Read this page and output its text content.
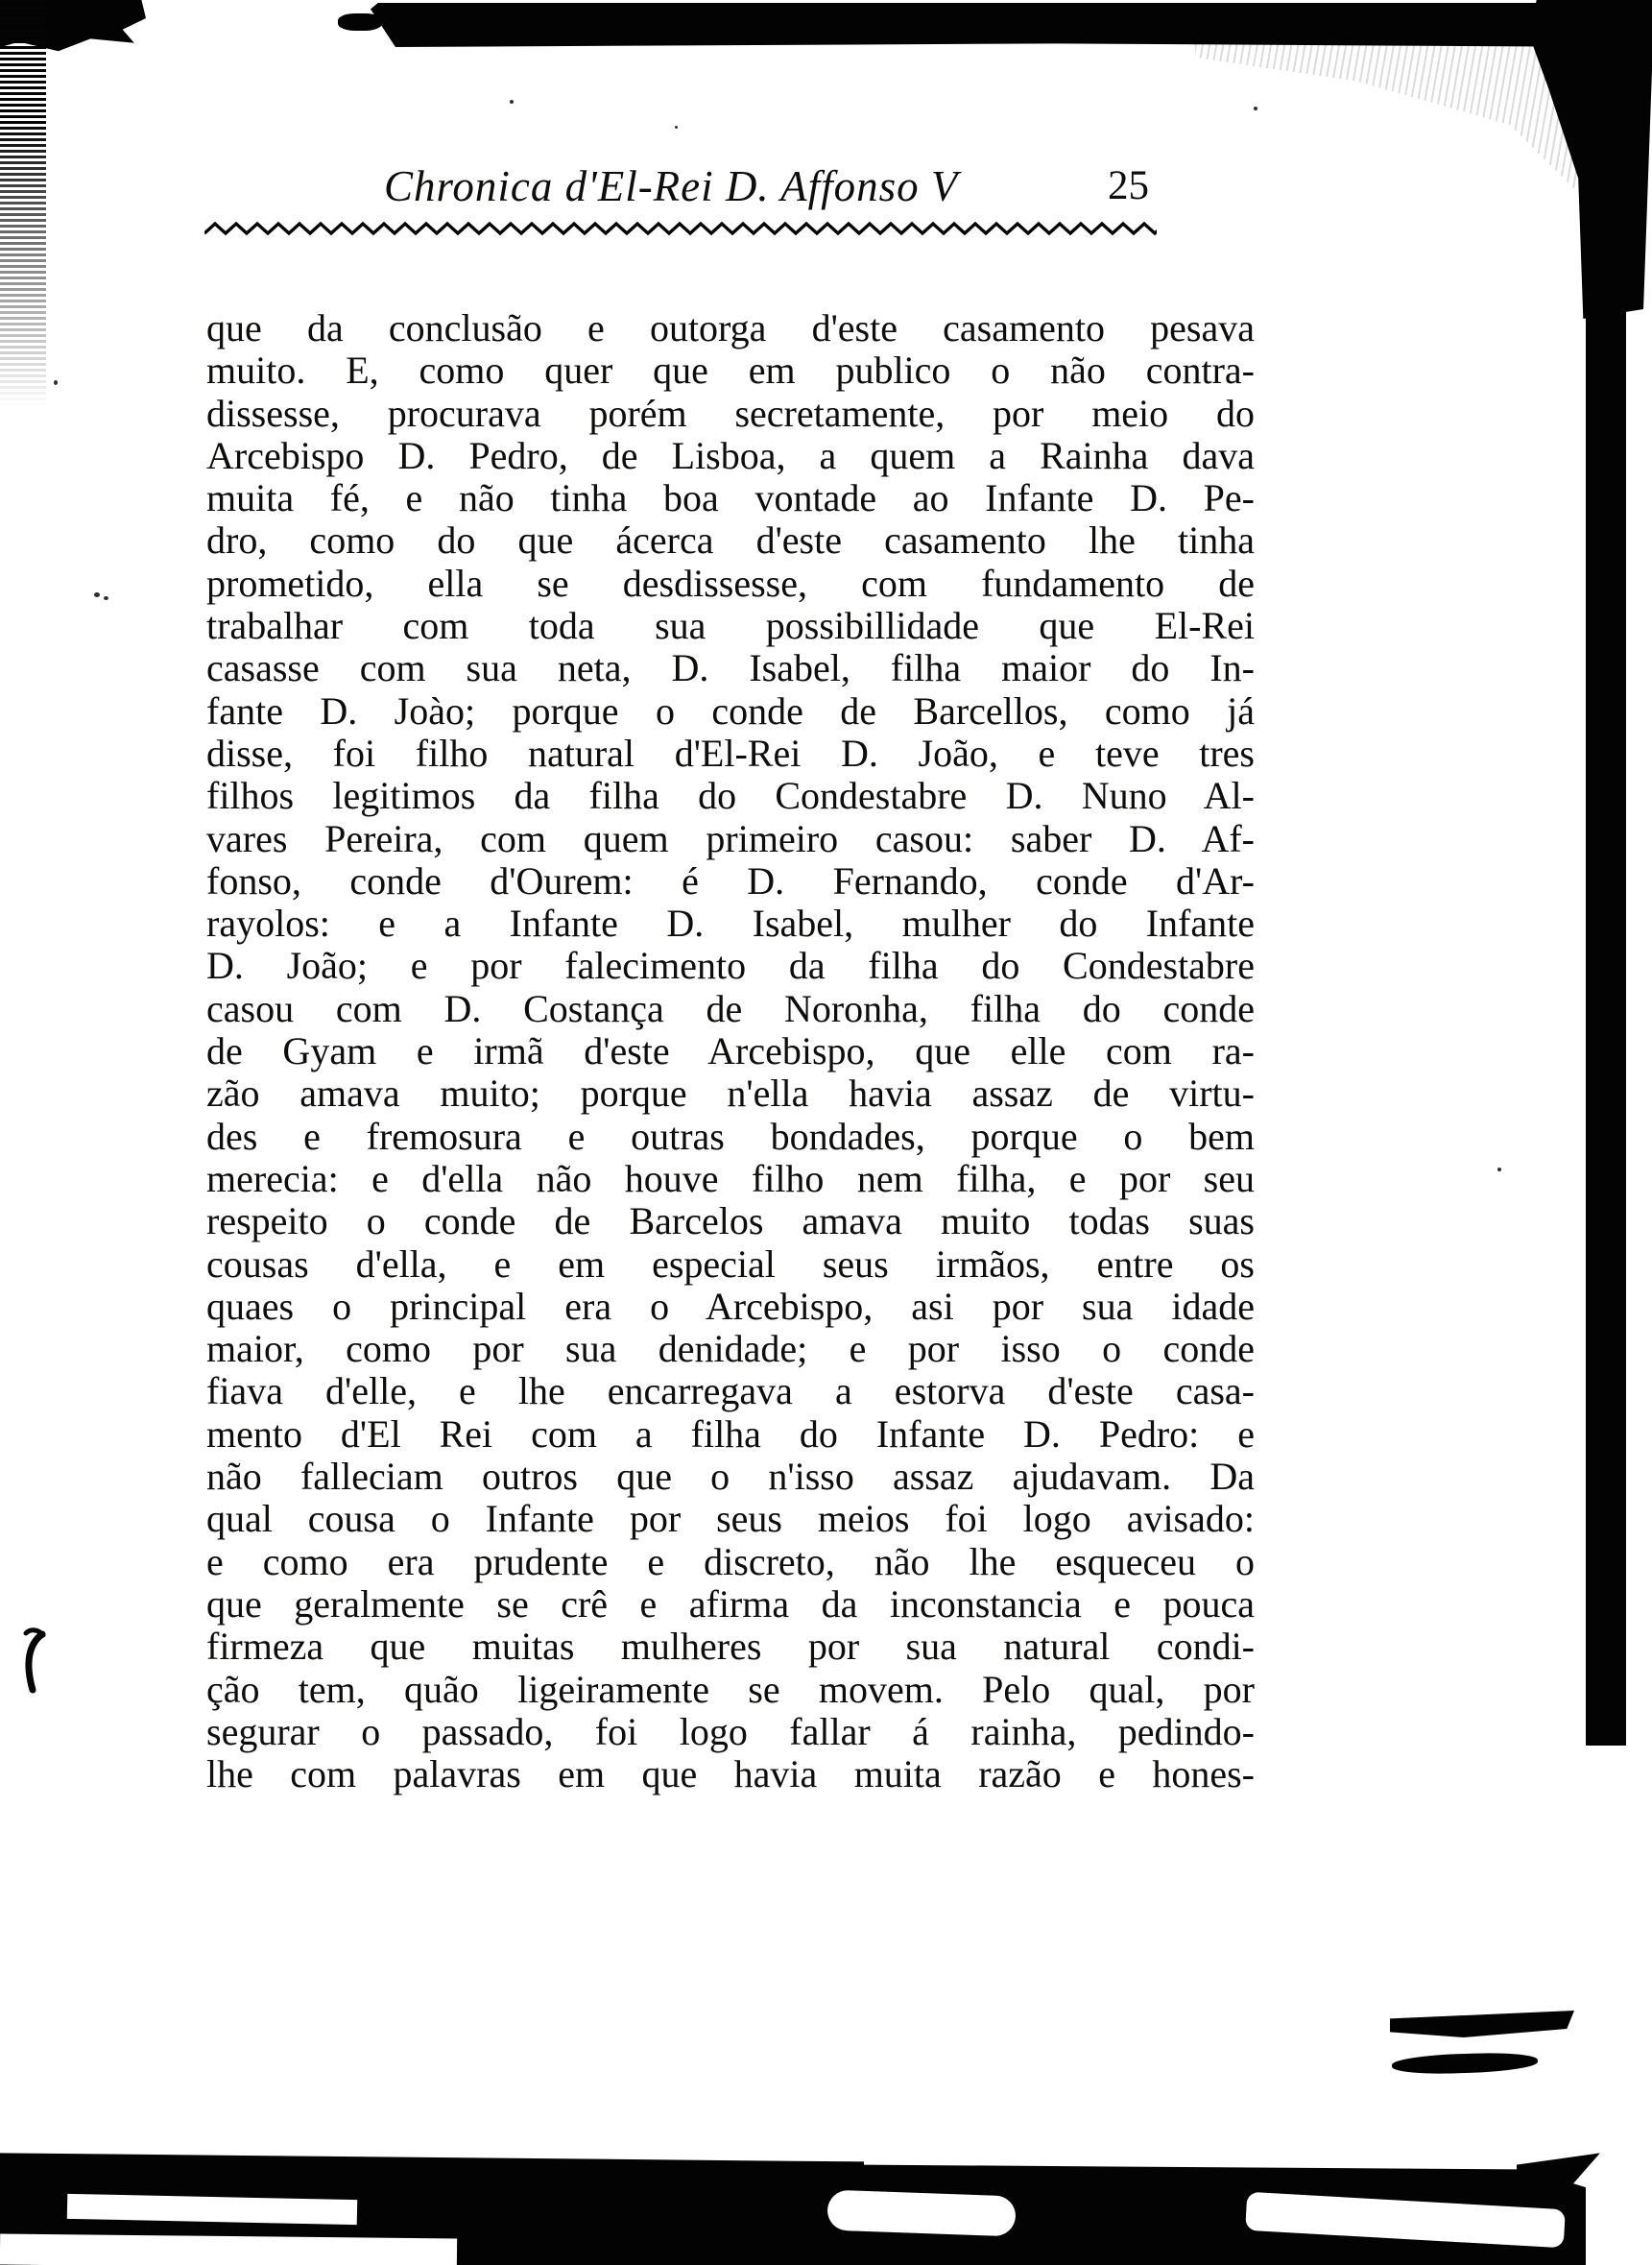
Chronica d'El-Rei D. Affonso V	25
que da conclusão e outorga d'este casamento pesava
muito. E, como quer que em publico o não contra-
dissesse, procurava porém secretamente, por meio do
Arcebispo D. Pedro, de Lisboa, a quem a Rainha dava
muita fé, e não tinha boa vontade ao Infante D. Pe-
dro, como do que ácerca d'este casamento lhe tinha
prometido, ella se desdissesse, com fundamento de
trabalhar com toda sua possibillidade que El-Rei
casasse com sua neta, D. Isabel, filha maior do In-
fante D. Joào; porque o conde de Barcellos, como já
disse, foi filho natural d'El-Rei D. João, e teve tres
filhos legitimos da filha do Condestabre D. Nuno Al-
vares Pereira, com quem primeiro casou: saber D. Af-
fonso, conde d'Ourem: é D. Fernando, conde d'Ar-
rayolos: e a Infante D. Isabel, mulher do Infante
D. João; e por falecimento da filha do Condestabre
casou com D. Costança de Noronha, filha do conde
de Gyam e irmã d'este Arcebispo, que elle com ra-
zão amava muito; porque n'ella havia assaz de virtu-
des e fremosura e outras bondades, porque o bem
merecia: e d'ella não houve filho nem filha, e por seu
respeito o conde de Barcelos amava muito todas suas
cousas d'ella, e em especial seus irmãos, entre os
quaes o principal era o Arcebispo, asi por sua idade
maior, como por sua denidade; e por isso o conde
fiava d'elle, e lhe encarregava a estorva d'este casa-
mento d'El Rei com a filha do Infante D. Pedro: e
não falleciam outros que o n'isso assaz ajudavam. Da
qual cousa o Infante por seus meios foi logo avisado:
e como era prudente e discreto, não lhe esqueceu o
que geralmente se crê e afirma da inconstancia e pouca
firmeza que muitas mulheres por sua natural condi-
ção tem, quão ligeiramente se movem. Pelo qual, por
segurar o passado, foi logo fallar á rainha, pedindo-
lhe com palavras em que havia muita razão e hones-
